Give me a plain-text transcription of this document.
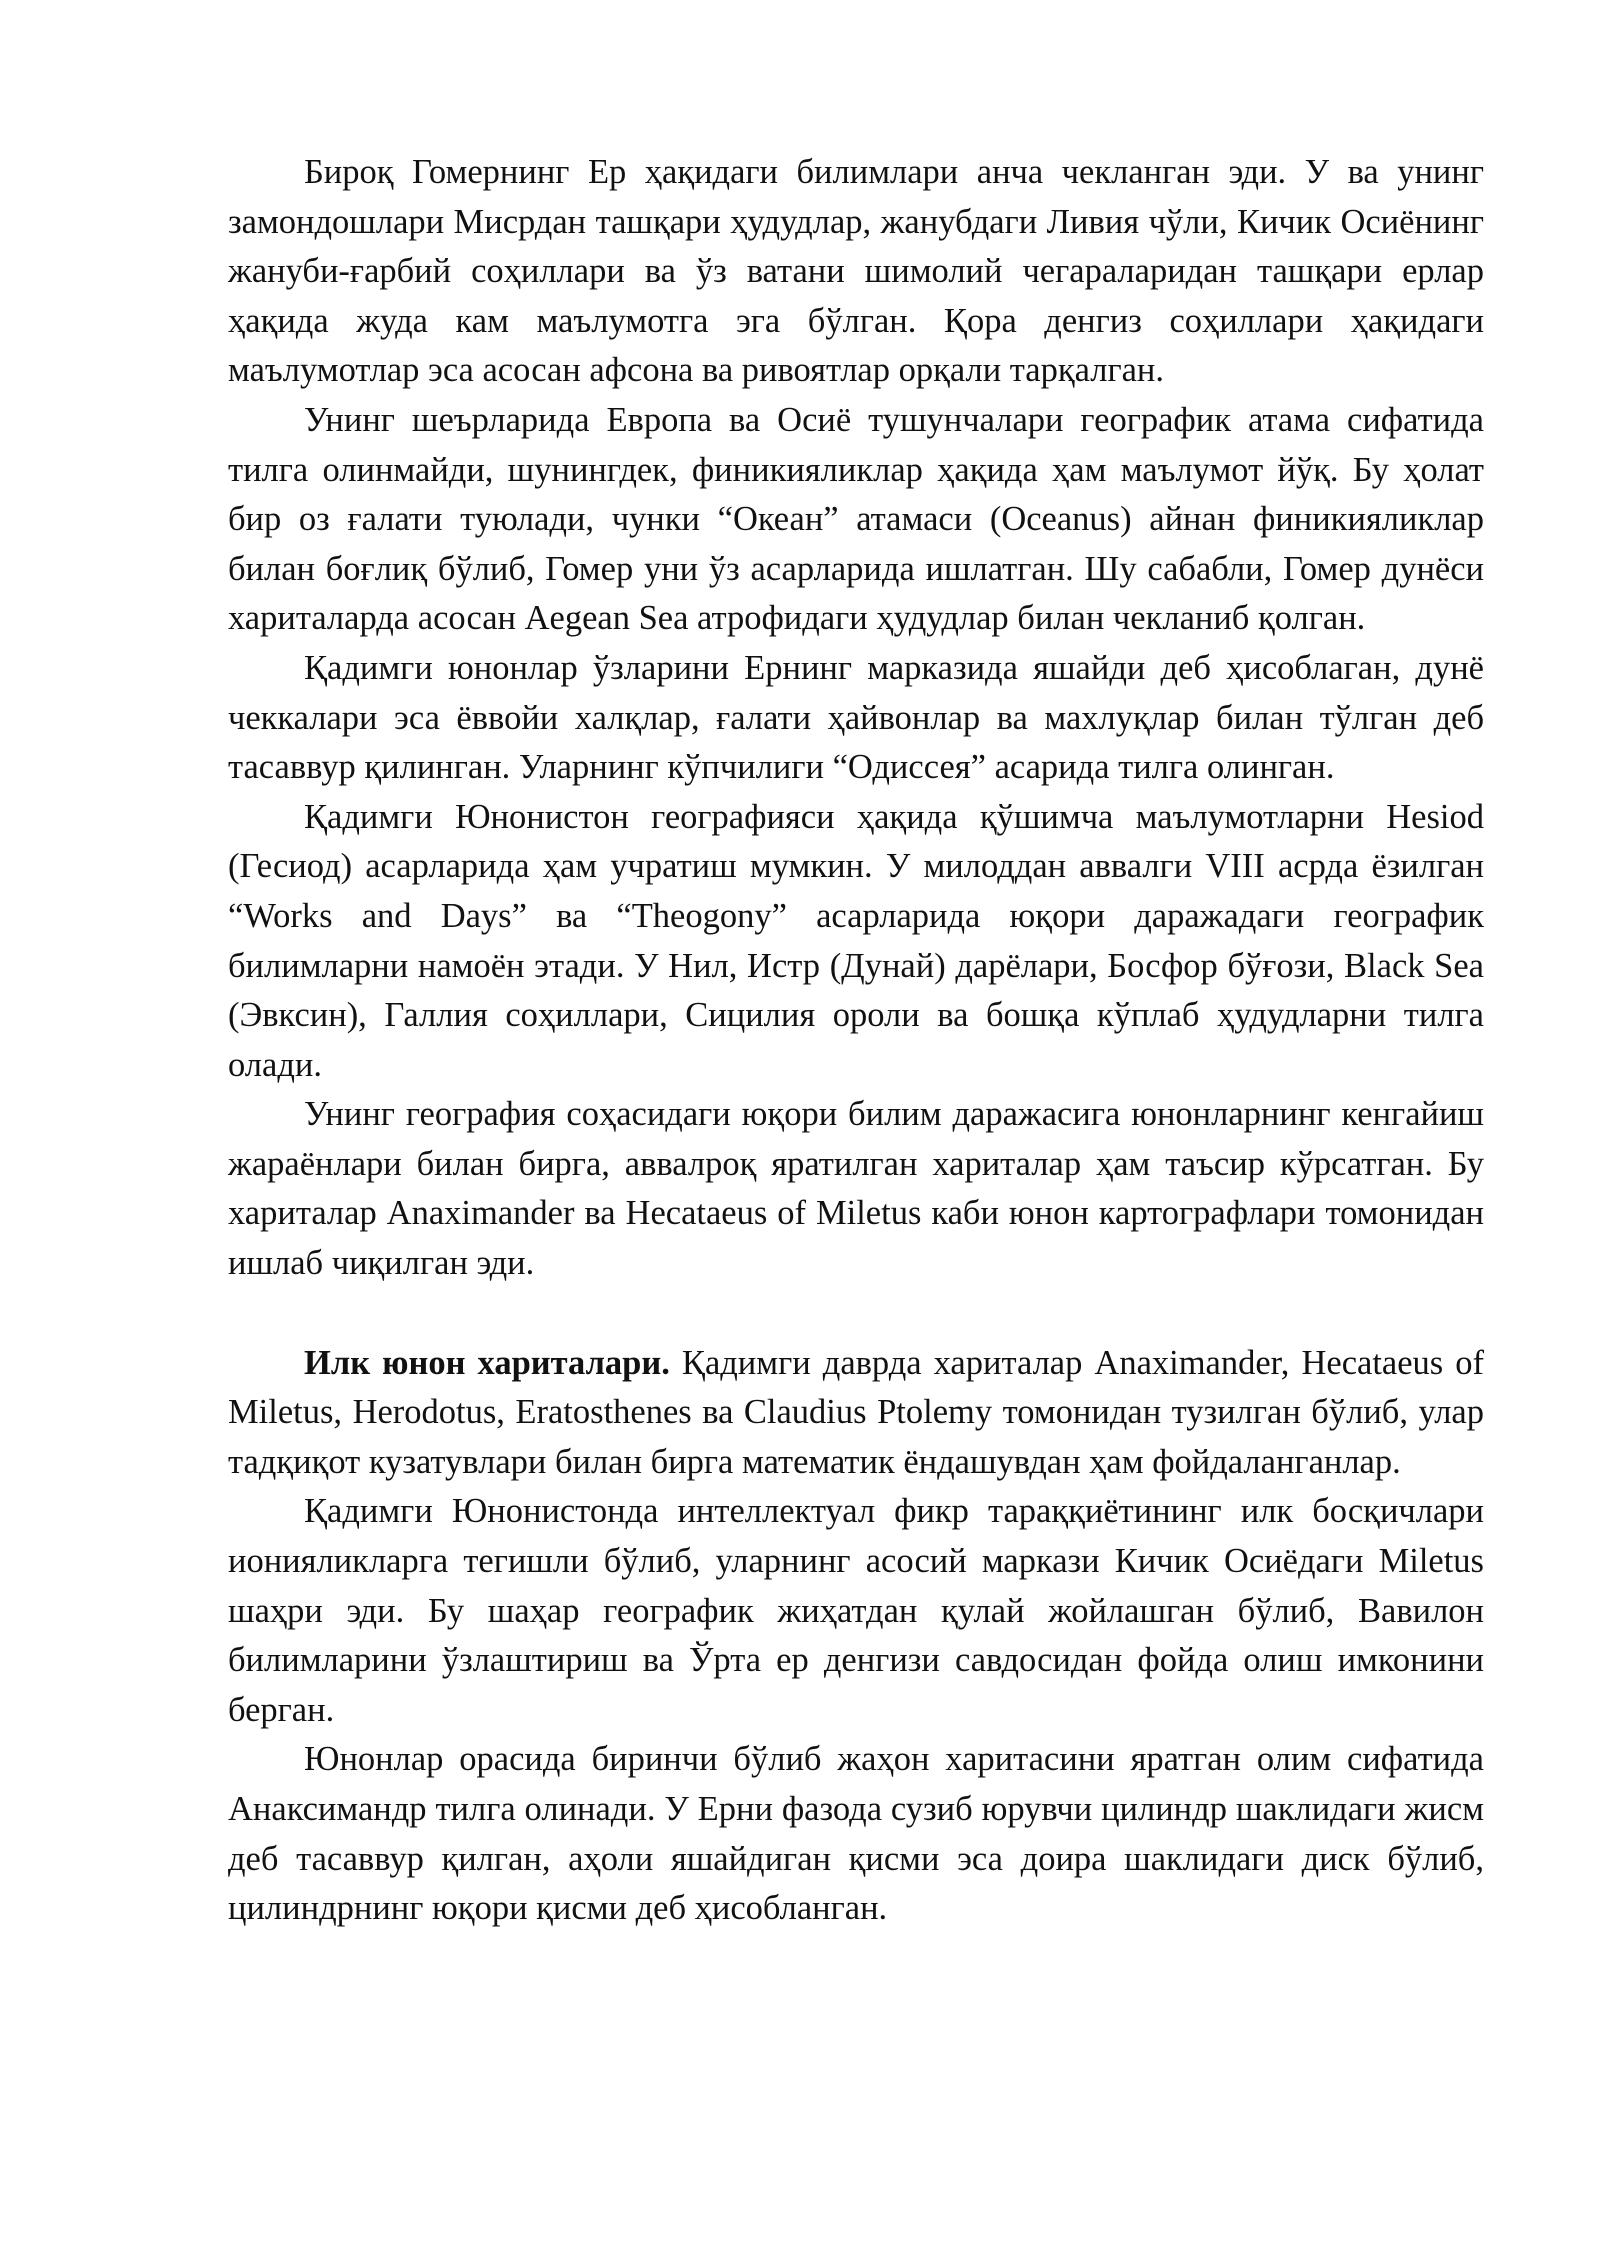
Бироқ Гомернинг Ер ҳақидаги билимлари анча чекланган эди. У ва унинг замондошлари Мисрдан ташқари ҳудудлар, жанубдаги Ливия чўли, Кичик Осиёнинг жануби-ғарбий соҳиллари ва ўз ватани шимолий чегараларидан ташқари ерлар ҳақида жуда кам маълумотга эга бўлган. Қора денгиз соҳиллари ҳақидаги маълумотлар эса асосан афсона ва ривоятлар орқали тарқалган.

Унинг шеърларида Европа ва Осиё тушунчалари географик атама сифатида тилга олинмайди, шунингдек, финикияликлар ҳақида ҳам маълумот йўқ. Бу ҳолат бир оз ғалати туюлади, чунки “Океан” атамаси (Oceanus) айнан финикияликлар билан боғлиқ бўлиб, Гомер уни ўз асарларида ишлатган. Шу сабабли, Гомер дунёси хариталарда асосан Aegean Sea атрофидаги ҳудудлар билан чекланиб қолган.

Қадимги юнонлар ўзларини Ернинг марказида яшайди деб ҳисоблаган, дунё чеккалари эса ёввойи халқлар, ғалати ҳайвонлар ва махлуқлар билан тўлган деб тасаввур қилинган. Уларнинг кўпчилиги “Одиссея” асарида тилга олинган.

Қадимги Юнонистон географияси ҳақида қўшимча маълумотларни Hesiod (Гесиод) асарларида ҳам учратиш мумкин. У милоддан аввалги VIII асрда ёзилган “Works and Days” ва “Theogony” асарларида юқори даражадаги географик билимларни намоён этади. У Нил, Истр (Дунай) дарёлари, Босфор бўғози, Black Sea (Эвксин), Галлия соҳиллари, Сицилия ороли ва бошқа кўплаб ҳудудларни тилга олади.

Унинг география соҳасидаги юқори билим даражасига юнонларнинг кенгайиш жараёнлари билан бирга, аввалроқ яратилган хариталар ҳам таъсир кўрсатган. Бу хариталар Anaximander ва Hecataeus of Miletus каби юнон картографлари томонидан ишлаб чиқилган эди.

Илк юнон хариталари. Қадимги даврда хариталар Anaximander, Hecataeus of Miletus, Herodotus, Eratosthenes ва Claudius Ptolemy томонидан тузилган бўлиб, улар тадқиқот кузатувлари билан бирга математик ёндашувдан ҳам фойдаланганлар.

Қадимги Юнонистонда интеллектуал фикр тараққиётининг илк босқичлари ионияликларга тегишли бўлиб, уларнинг асосий маркази Кичик Осиёдаги Miletus шаҳри эди. Бу шаҳар географик жиҳатдан қулай жойлашган бўлиб, Вавилон билимларини ўзлаштириш ва Ўрта ер денгизи савдосидан фойда олиш имконини берган.

Юнонлар орасида биринчи бўлиб жаҳон харитасини яратган олим сифатида Анаксимандр тилга олинади. У Ерни фазода сузиб юрувчи цилиндр шаклидаги жисм деб тасаввур қилган, аҳоли яшайдиган қисми эса доира шаклидаги диск бўлиб, цилиндрнинг юқори қисми деб ҳисобланган.
